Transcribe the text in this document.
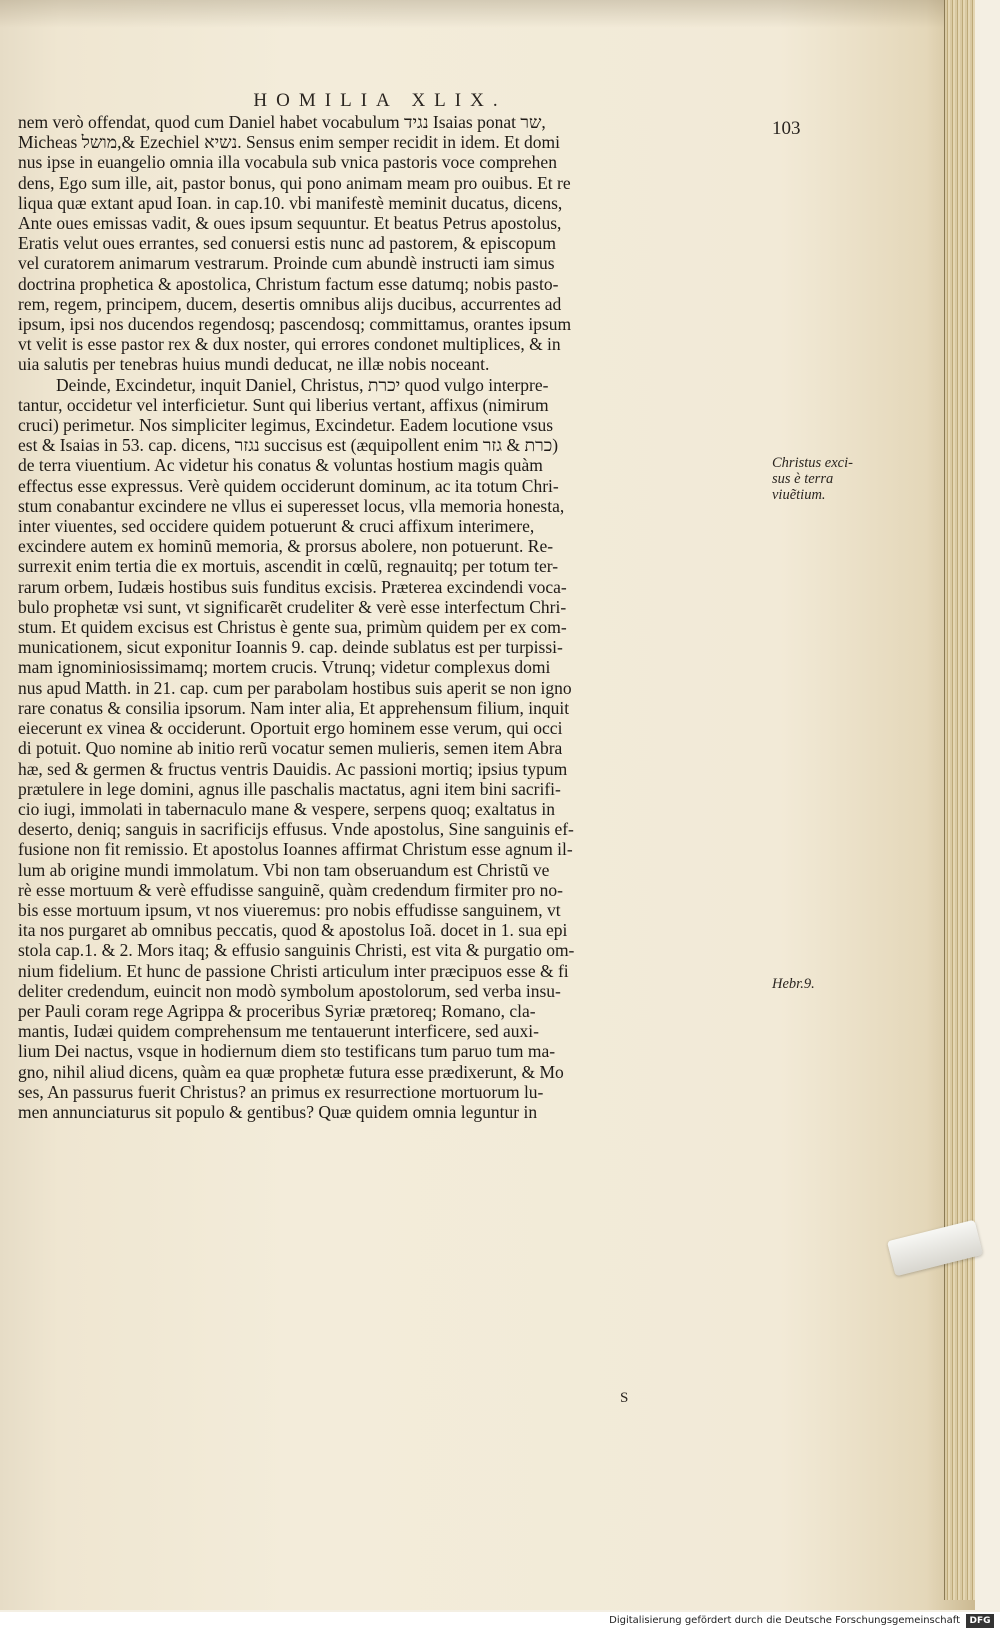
HOMILIA XLIX.
103
nem verò offendat, quod cum Daniel habet vocabulum נגיד Isaias ponat שר,
Micheas מושל,& Ezechiel נשיא. Sensus enim semper recidit in idem. Et domi
nus ipse in euangelio omnia illa vocabula sub vnica pastoris voce comprehen
dens, Ego sum ille, ait, pastor bonus, qui pono animam meam pro ouibus. Et re
liqua quæ extant apud Ioan. in cap.10. vbi manifestè meminit ducatus, dicens,
Ante oues emissas vadit, & oues ipsum sequuntur. Et beatus Petrus apostolus,
Eratis velut oues errantes, sed conuersi estis nunc ad pastorem, & episcopum
vel curatorem animarum vestrarum. Proinde cum abundè instructi iam simus
doctrina prophetica & apostolica, Christum factum esse datumq; nobis pasto-
rem, regem, principem, ducem, desertis omnibus alijs ducibus, accurrentes ad
ipsum, ipsi nos ducendos regendosq; pascendosq; committamus, orantes ipsum
vt velit is esse pastor rex & dux noster, qui errores condonet multiplices, & in
uia salutis per tenebras huius mundi deducat, ne illæ nobis noceant.
Deinde, Excindetur, inquit Daniel, Christus, יכרת quod vulgo interpre-
tantur, occidetur vel interficietur. Sunt qui liberius vertant, affixus (nimirum
cruci) perimetur. Nos simpliciter legimus, Excindetur. Eadem locutione vsus
est & Isaias in 53. cap. dicens, נגזר succisus est (æquipollent enim כרת & גזר)
de terra viuentium. Ac videtur his conatus & voluntas hostium magis quàm
effectus esse expressus. Verè quidem occiderunt dominum, ac ita totum Chri-
stum conabantur excindere ne vllus ei superesset locus, vlla memoria honesta,
inter viuentes, sed occidere quidem potuerunt & cruci affixum interimere,
excindere autem ex hominũ memoria, & prorsus abolere, non potuerunt. Re-
surrexit enim tertia die ex mortuis, ascendit in cœlũ, regnauitq; per totum ter-
rarum orbem, Iudæis hostibus suis funditus excisis. Præterea excindendi voca-
bulo prophetæ vsi sunt, vt significarẽt crudeliter & verè esse interfectum Chri-
stum. Et quidem excisus est Christus è gente sua, primùm quidem per ex com-
municationem, sicut exponitur Ioannis 9. cap. deinde sublatus est per turpissi-
mam ignominiosissimamq; mortem crucis. Vtrunq; videtur complexus domi
nus apud Matth. in 21. cap. cum per parabolam hostibus suis aperit se non igno
rare conatus & consilia ipsorum. Nam inter alia, Et apprehensum filium, inquit
eiecerunt ex vinea & occiderunt. Oportuit ergo hominem esse verum, qui occi
di potuit. Quo nomine ab initio rerũ vocatur semen mulieris, semen item Abra
hæ, sed & germen & fructus ventris Dauidis. Ac passioni mortiq; ipsius typum
prætulere in lege domini, agnus ille paschalis mactatus, agni item bini sacrifi-
cio iugi, immolati in tabernaculo mane & vespere, serpens quoq; exaltatus in
deserto, deniq; sanguis in sacrificijs effusus. Vnde apostolus, Sine sanguinis ef-
fusione non fit remissio. Et apostolus Ioannes affirmat Christum esse agnum il-
lum ab origine mundi immolatum. Vbi non tam obseruandum est Christũ ve
rè esse mortuum & verè effudisse sanguinẽ, quàm credendum firmiter pro no-
bis esse mortuum ipsum, vt nos viueremus: pro nobis effudisse sanguinem, vt
ita nos purgaret ab omnibus peccatis, quod & apostolus Ioã. docet in 1. sua epi
stola cap.1. & 2. Mors itaq; & effusio sanguinis Christi, est vita & purgatio om-
nium fidelium. Et hunc de passione Christi articulum inter præcipuos esse & fi
deliter credendum, euincit non modò symbolum apostolorum, sed verba insu-
per Pauli coram rege Agrippa & proceribus Syriæ prætoreq; Romano, cla-
mantis, Iudæi quidem comprehensum me tentauerunt interficere, sed auxi-
lium Dei nactus, vsque in hodiernum diem sto testificans tum paruo tum ma-
gno, nihil aliud dicens, quàm ea quæ prophetæ futura esse prædixerunt, & Mo
ses, An passurus fuerit Christus? an primus ex resurrectione mortuorum lu-
men annunciaturus sit populo & gentibus? Quæ quidem omnia leguntur in
Christus exci-sus è terra viuẽtium.
Hebr.9.
S
Digitalisierung gefördert durch die Deutsche Forschungsgemeinschaft	DFG
